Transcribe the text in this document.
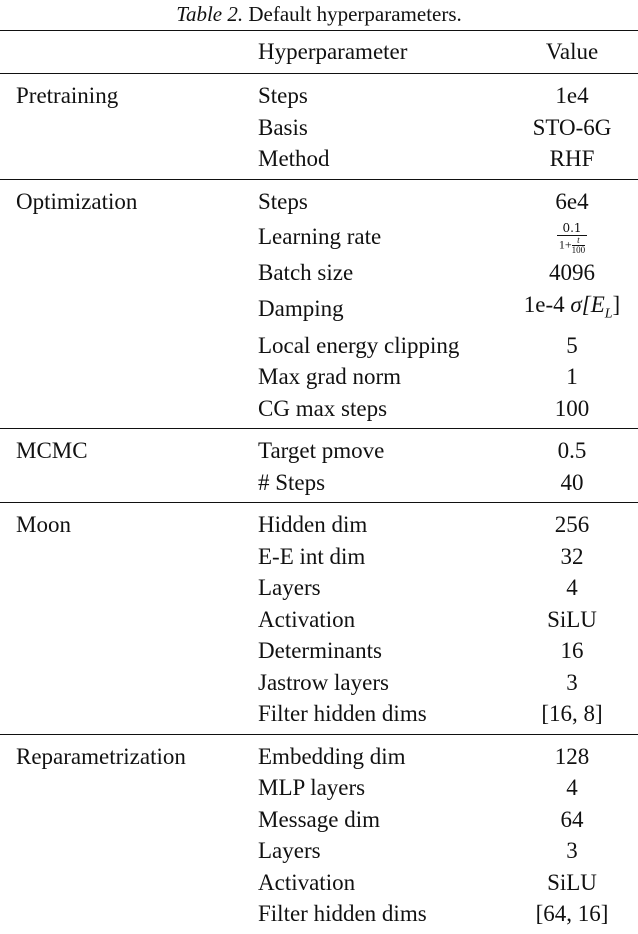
Table 2. Default hyperparameters.
	Hyperparameter	Value
Pretraining	Steps	1e4
	Basis	STO-6G
	Method	RHF
Optimization	Steps	6e4
	Learning rate	$\frac{0.1}{1+ \frac{t}{100}}$

	Batch size	4096
	Damping	1e-4 $\sigma[E_L]$
	Local energy clipping	5
	Max grad norm	1
	CG max steps	100
MCMC	Target pmove	0.5
	# Steps	40
Moon	Hidden dim	256
	E-E int dim	32
	Layers	4
	Activation	SiLU
	Determinants	16
	Jastrow layers	3
	Filter hidden dims	[16, 8]
Reparametrization	Embedding dim	128
	MLP layers	4
	Message dim	64
	Layers	3
	Activation	SiLU
	Filter hidden dims	[64, 16]
